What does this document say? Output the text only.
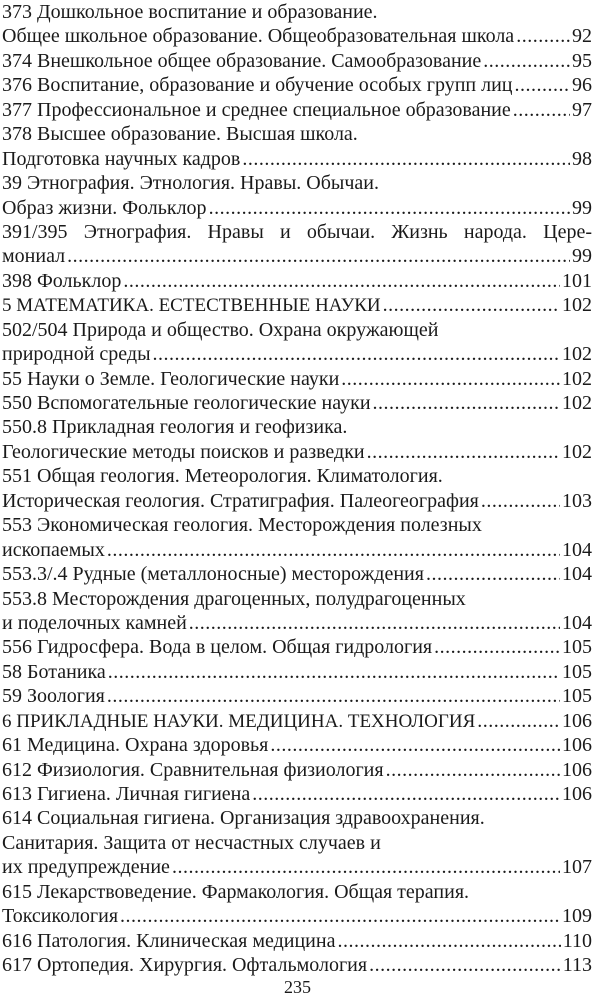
373 Дошкольное воспитание и образование.
Общее школьное образование. Общеобразовательная школа .....	92
374 Внешкольное общее образование. Самообразование .....	95
376 Воспитание, образование и обучение особых групп лиц .....	96
377 Профессиональное и среднее специальное образование .....	97
378 Высшее образование. Высшая школа.
Подготовка научных кадров .....	98
39 Этнография. Этнология. Нравы. Обычаи.
Образ жизни. Фольклор .....	99
391/395 Этнография. Нравы и обычаи. Жизнь народа. Цере-
мониал .....	99
398 Фольклор .....	101
5 МАТЕМАТИКА. ЕСТЕСТВЕННЫЕ НАУКИ .....	102
502/504 Природа и общество. Охрана окружающей
природной среды .....	102
55 Науки о Земле. Геологические науки .....	102
550 Вспомогательные геологические науки .....	102
550.8 Прикладная геология и геофизика.
Геологические методы поисков и разведки .....	102
551 Общая геология. Метеорология. Климатология.
Историческая геология. Стратиграфия. Палеогеография .....	103
553 Экономическая геология. Месторождения полезных
ископаемых .....	104
553.3/.4 Рудные (металлоносные) месторождения .....	104
553.8 Месторождения драгоценных, полудрагоценных
и поделочных камней .....	104
556 Гидросфера. Вода в целом. Общая гидрология .....	105
58 Ботаника .....	105
59 Зоология .....	105
6 ПРИКЛАДНЫЕ НАУКИ. МЕДИЦИНА. ТЕХНОЛОГИЯ .....	106
61 Медицина. Охрана здоровья .....	106
612 Физиология. Сравнительная физиология .....	106
613 Гигиена. Личная гигиена .....	106
614 Социальная гигиена. Организация здравоохранения.
Санитария. Защита от несчастных случаев и
их предупреждение .....	107
615 Лекарствоведение. Фармакология. Общая терапия.
Токсикология .....	109
616 Патология. Клиническая медицина .....	110
617 Ортопедия. Хирургия. Офтальмология .....	113
235
